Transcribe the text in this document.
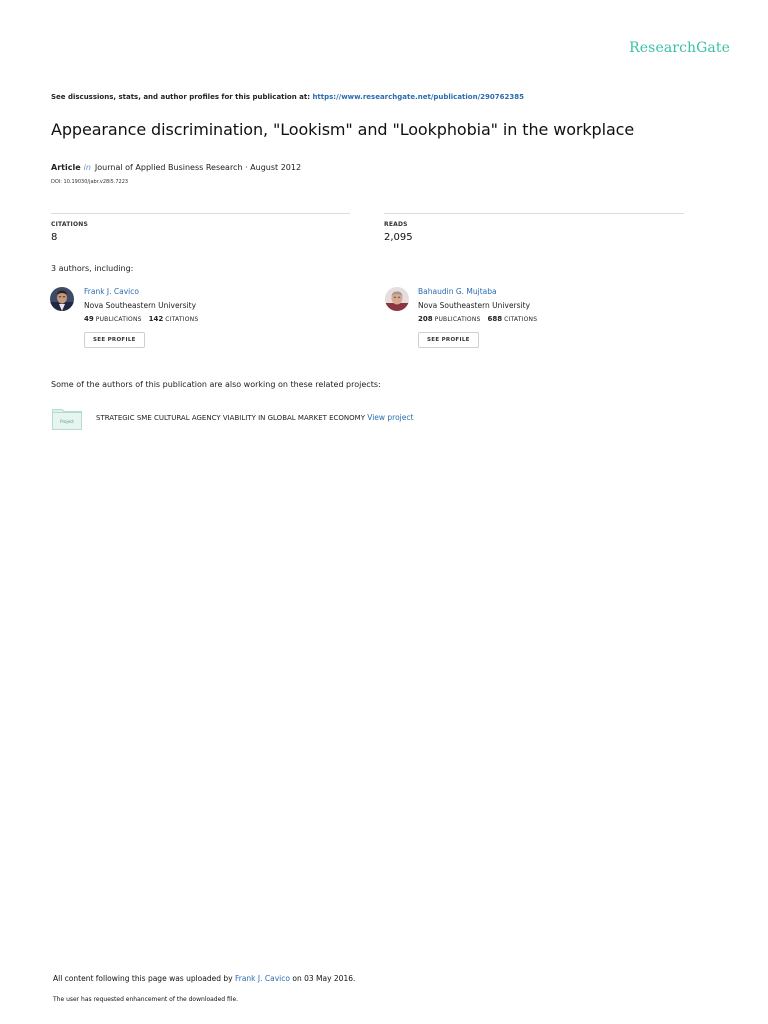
ResearchGate
See discussions, stats, and author profiles for this publication at: https://www.researchgate.net/publication/290762385
Appearance discrimination, "Lookism" and "Lookphobia" in the workplace
Article in Journal of Applied Business Research · August 2012
DOI: 10.19030/jabr.v28i5.7223
CITATIONS
8
READS
2,095
3 authors, including:
Frank J. Cavico
Nova Southeastern University
49 PUBLICATIONS 142 CITATIONS
SEE PROFILE
Bahaudin G. Mujtaba
Nova Southeastern University
208 PUBLICATIONS 688 CITATIONS
SEE PROFILE
Some of the authors of this publication are also working on these related projects:
Project	STRATEGIC SME CULTURAL AGENCY VIABILITY IN GLOBAL MARKET ECONOMY View project
All content following this page was uploaded by Frank J. Cavico on 03 May 2016.
The user has requested enhancement of the downloaded file.
